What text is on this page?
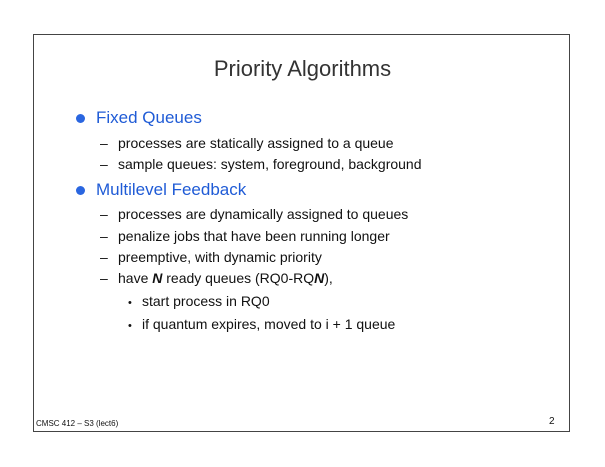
Priority Algorithms
Fixed Queues
– processes are statically assigned to a queue
– sample queues: system, foreground, background
Multilevel Feedback
– processes are dynamically assigned to queues
– penalize jobs that have been running longer
– preemptive, with dynamic priority
– have N ready queues (RQ0-RQN),
• start process in RQ0
• if quantum expires, moved to i + 1 queue
CMSC 412 – S3 (lect6)	2
